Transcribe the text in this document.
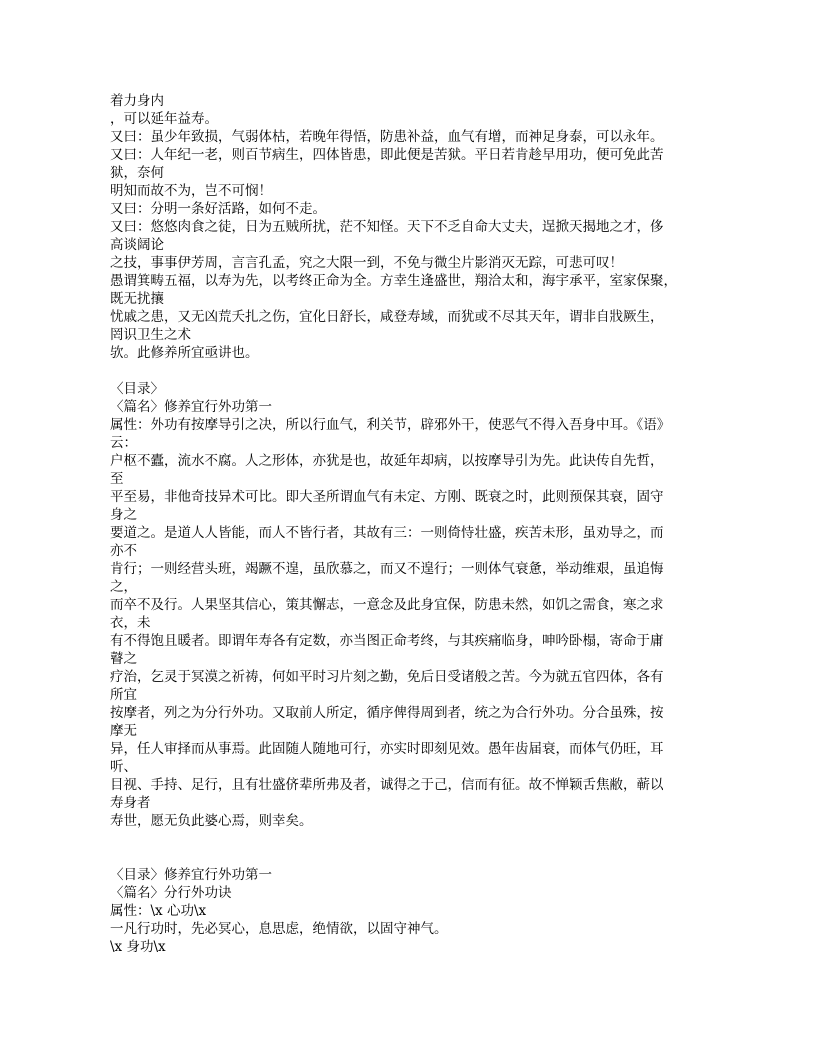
着力身内
，可以延年益寿。
又曰：虽少年致损，气弱体枯，若晚年得悟，防患补益，血气有增，而神足身泰，可以永年。
又曰：人年纪一老，则百节病生，四体皆患，即此便是苦狱。平日若肯趁早用功，便可免此苦
狱，奈何
明知而故不为，岂不可悯！
又曰：分明一条好活路，如何不走。
又曰：悠悠肉食之徒，日为五贼所扰，茫不知怪。天下不乏自命大丈夫，逞掀天揭地之才，侈
高谈阔论
之技，事事伊芳周，言言孔孟，究之大限一到，不免与微尘片影消灭无踪，可悲可叹！
愚谓箕畴五福，以寿为先，以考终正命为全。方幸生逢盛世，翔洽太和，海宇承平，室家保聚，
既无扰攘
忧戚之患，又无凶荒夭扎之伤，宜化日舒长，咸登寿域，而犹或不尽其天年，谓非自戕厥生，
罔识卫生之术
欤。此修养所宜亟讲也。
〈目录〉
〈篇名〉修养宜行外功第一
属性：外功有按摩导引之决，所以行血气，利关节，辟邪外干，使恶气不得入吾身中耳。《语》
云：
户枢不蠹，流水不腐。人之形体，亦犹是也，故延年却病，以按摩导引为先。此诀传自先哲，
至
平至易，非他奇技异术可比。即大圣所谓血气有未定、方刚、既衰之时，此则预保其衰，固守
身之
要道之。是道人人皆能，而人不皆行者，其故有三：一则倚恃壮盛，疾苦未形，虽劝导之，而
亦不
肯行；一则经营头班，竭蹶不遑，虽欣慕之，而又不遑行；一则体气衰惫，举动维艰，虽追悔
之，
而卒不及行。人果坚其信心，策其懈志，一意念及此身宜保，防患未然，如饥之需食，寒之求
衣，未
有不得饱且暖者。即谓年寿各有定数，亦当图正命考终，与其疾痛临身，呻吟卧榻，寄命于庸
瞽之
疗治，乞灵于冥漠之祈祷，何如平时习片刻之勤，免后日受诸般之苦。今为就五官四体，各有
所宜
按摩者，列之为分行外功。又取前人所定，循序俾得周到者，统之为合行外功。分合虽殊，按
摩无
异，任人审择而从事焉。此固随人随地可行，亦实时即刻见效。愚年齿届衰，而体气仍旺，耳
听、
目视、手持、足行，且有壮盛侪辈所弗及者，诚得之于己，信而有征。故不惮颖舌焦敝，蕲以
寿身者
寿世，愿无负此婆心焉，则幸矣。
〈目录〉修养宜行外功第一
〈篇名〉分行外功诀
属性：\x 心功\x
一凡行功时，先必冥心，息思虑，绝情欲，以固守神气。
\x 身功\x
